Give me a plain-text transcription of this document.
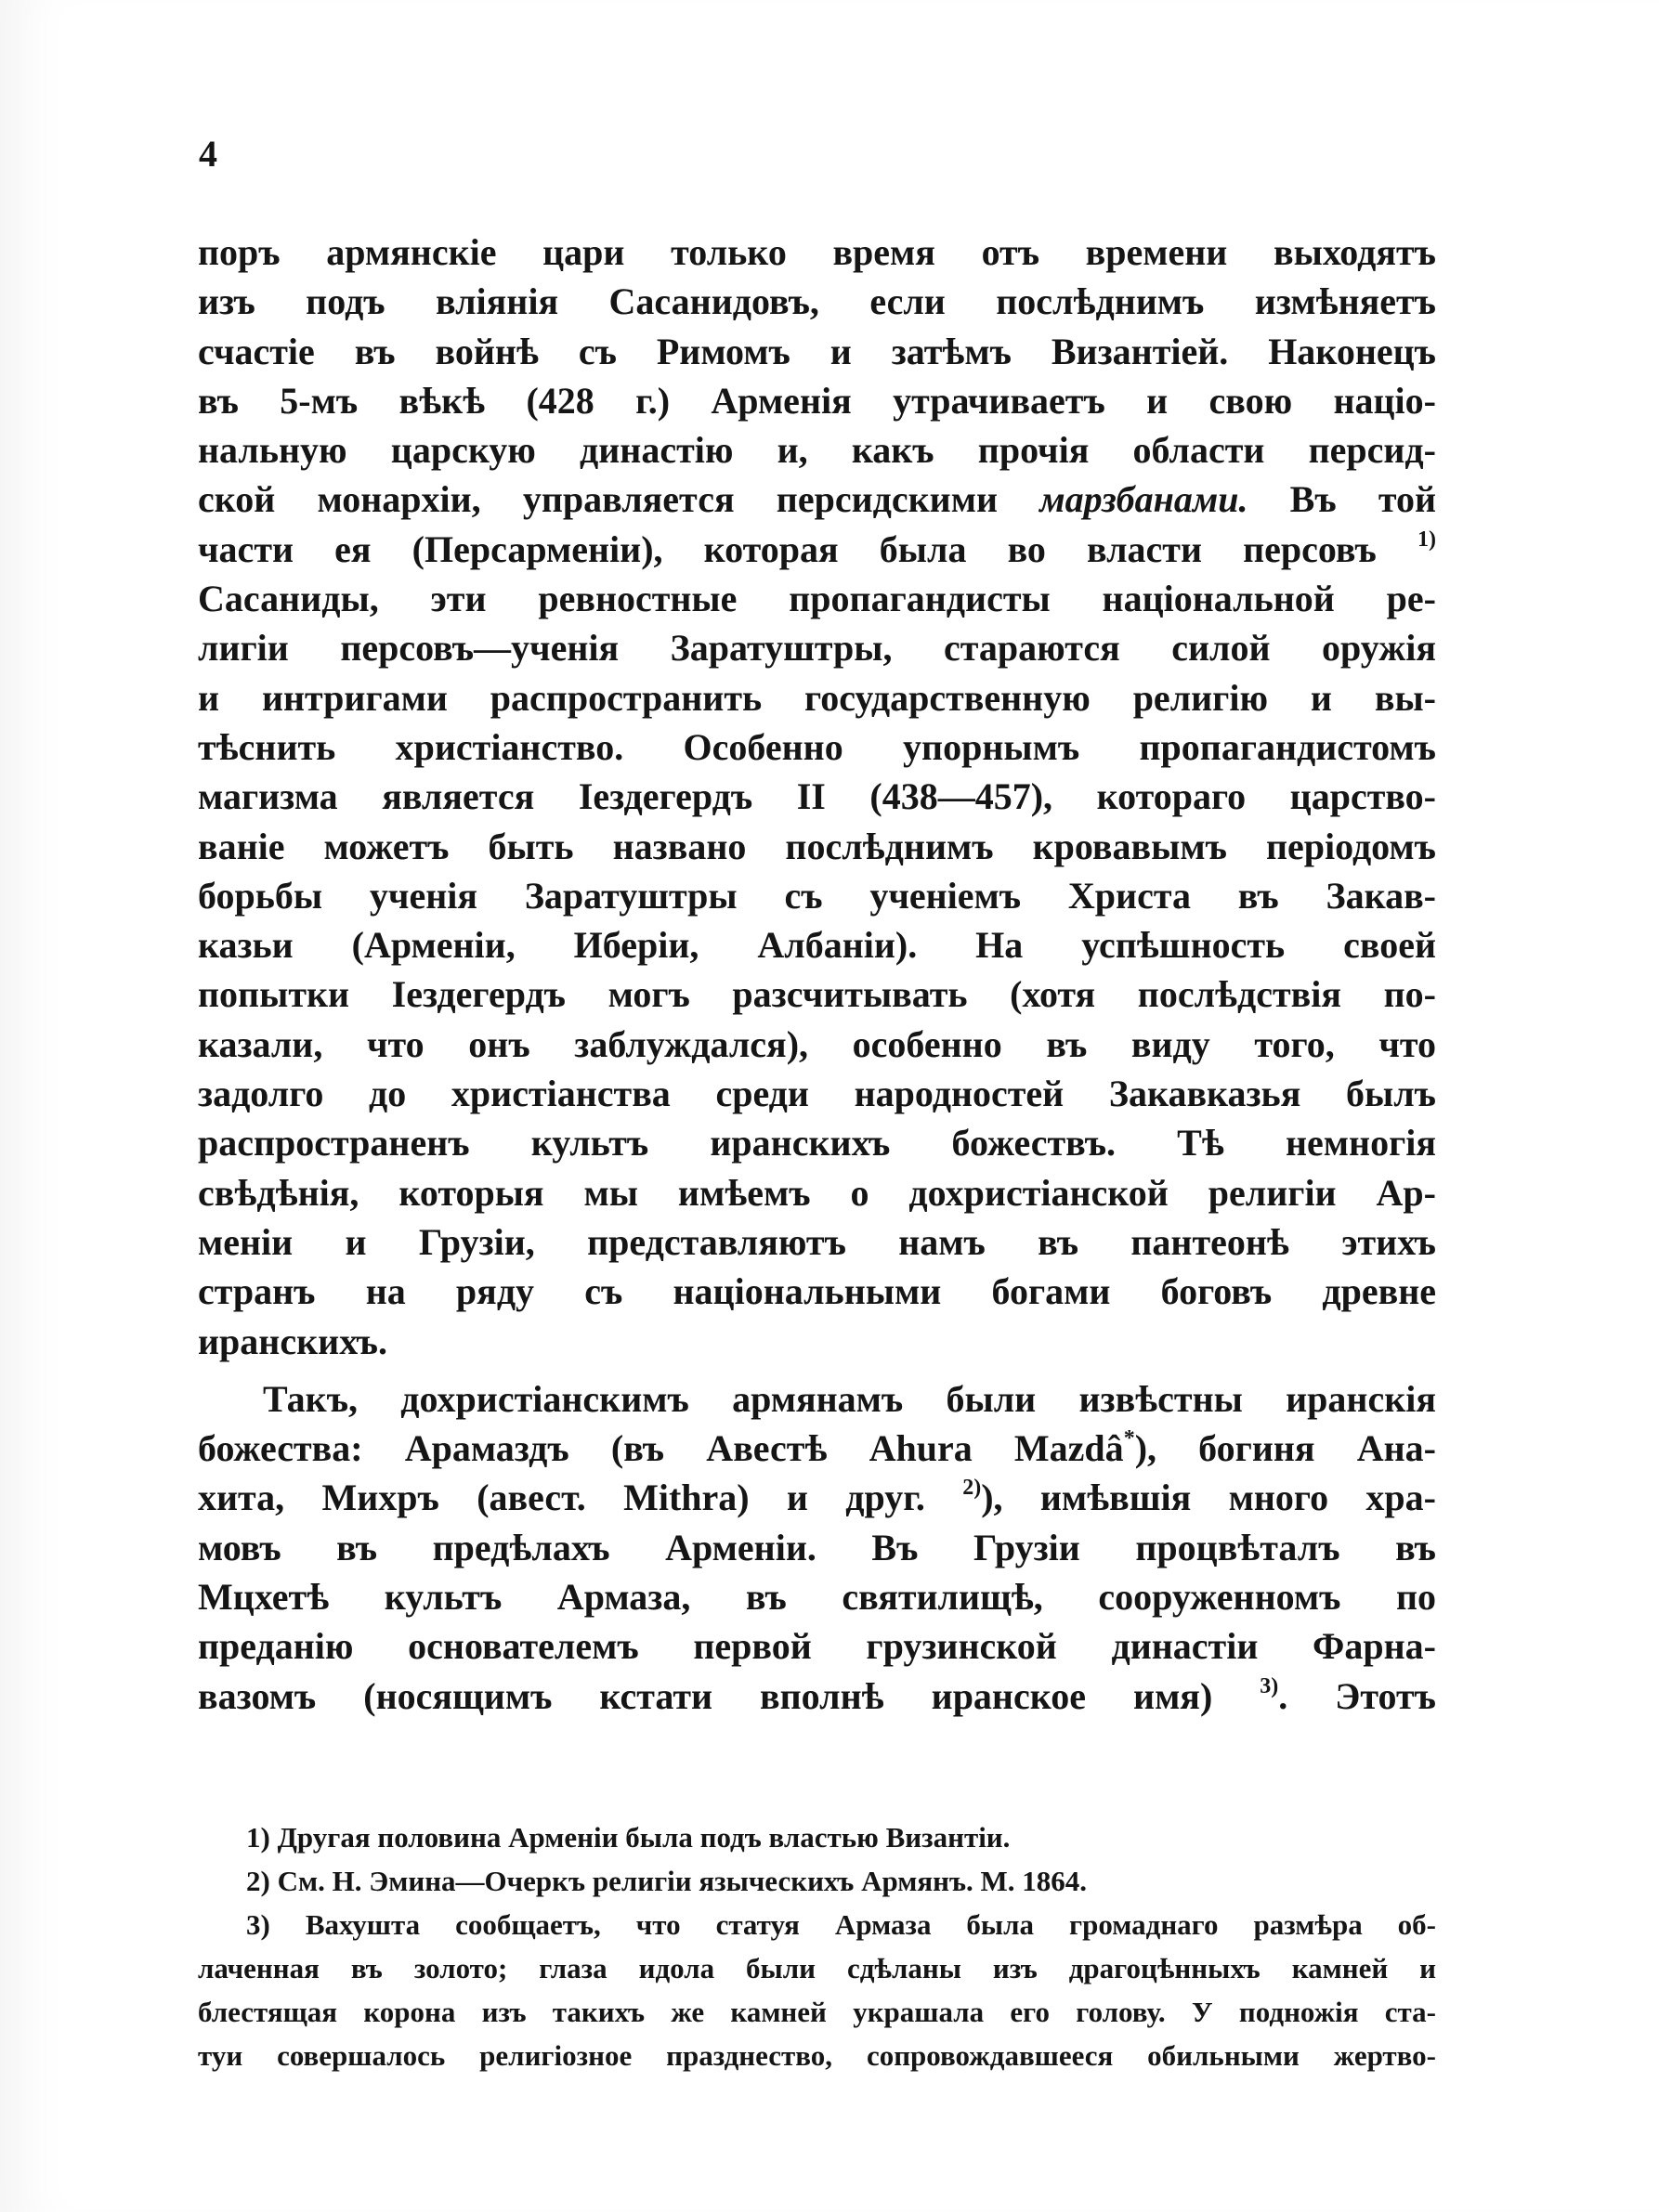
4
поръ армянскіе цари только время отъ времени выходятъ
изъ подъ вліянія Сасанидовъ, если послѣднимъ измѣняетъ
счастіе въ войнѣ съ Римомъ и затѣмъ Византіей. Наконецъ
въ 5-мъ вѣкѣ (428 г.) Арменія утрачиваетъ и свою націо-
нальную царскую династію и, какъ прочія области персид-
ской монархіи, управляется персидскими марзбанами. Въ той
части ея (Персарменіи), которая была во власти персовъ $^{1)}$
Сасаниды, эти ревностные пропагандисты національной ре-
лигіи персовъ—ученія Заратуштры, стараются силой оружія
и интригами распространить государственную религію и вы-
тѣснить христіанство. Особенно упорнымъ пропагандистомъ
магизма является Іездегердъ II (438—457), котораго царство-
ваніе можетъ быть названо послѣднимъ кровавымъ періодомъ
борьбы ученія Заратуштры съ ученіемъ Христа въ Закав-
казьи (Арменіи, Иберіи, Албаніи). На успѣшность своей
попытки Іездегердъ могъ разсчитывать (хотя послѣдствія по-
казали, что онъ заблуждался), особенно въ виду того, что
задолго до христіанства среди народностей Закавказья былъ
распространенъ культъ иранскихъ божествъ. Тѣ немногія
свѣдѣнія, которыя мы имѣемъ о дохристіанской религіи Ар-
меніи и Грузіи, представляютъ намъ въ пантеонѣ этихъ
странъ на ряду съ національными богами боговъ древне
иранскихъ.
Такъ, дохристіанскимъ армянамъ были извѣстны иранскія
божества: Арамаздъ (въ Авестѣ Ahura Mazdâ*), богиня Ана-
хита, Михръ (авест. Mithra) и друг. $^{2)}$), имѣвшія много хра-
мовъ въ предѣлахъ Арменіи. Въ Грузіи процвѣталъ въ
Мцхетѣ культъ Армаза, въ святилищѣ, сооруженномъ по
преданію основателемъ первой грузинской династіи Фарна-
вазомъ (носящимъ кстати вполнѣ иранское имя) $^{3)}$. Этотъ
1) Другая половина Арменіи была подъ властью Византіи.
2) См. Н. Эмина—Очеркъ религіи языческихъ Армянъ. М. 1864.
3) Вахушта сообщаетъ, что статуя Армаза была громаднаго размѣра об-
лаченная въ золото; глаза идола были сдѣланы изъ драгоцѣнныхъ камней и
блестящая корона изъ такихъ же камней украшала его голову. У подножія ста-
туи совершалось религіозное празднество, сопровождавшееся обильными жертво-
